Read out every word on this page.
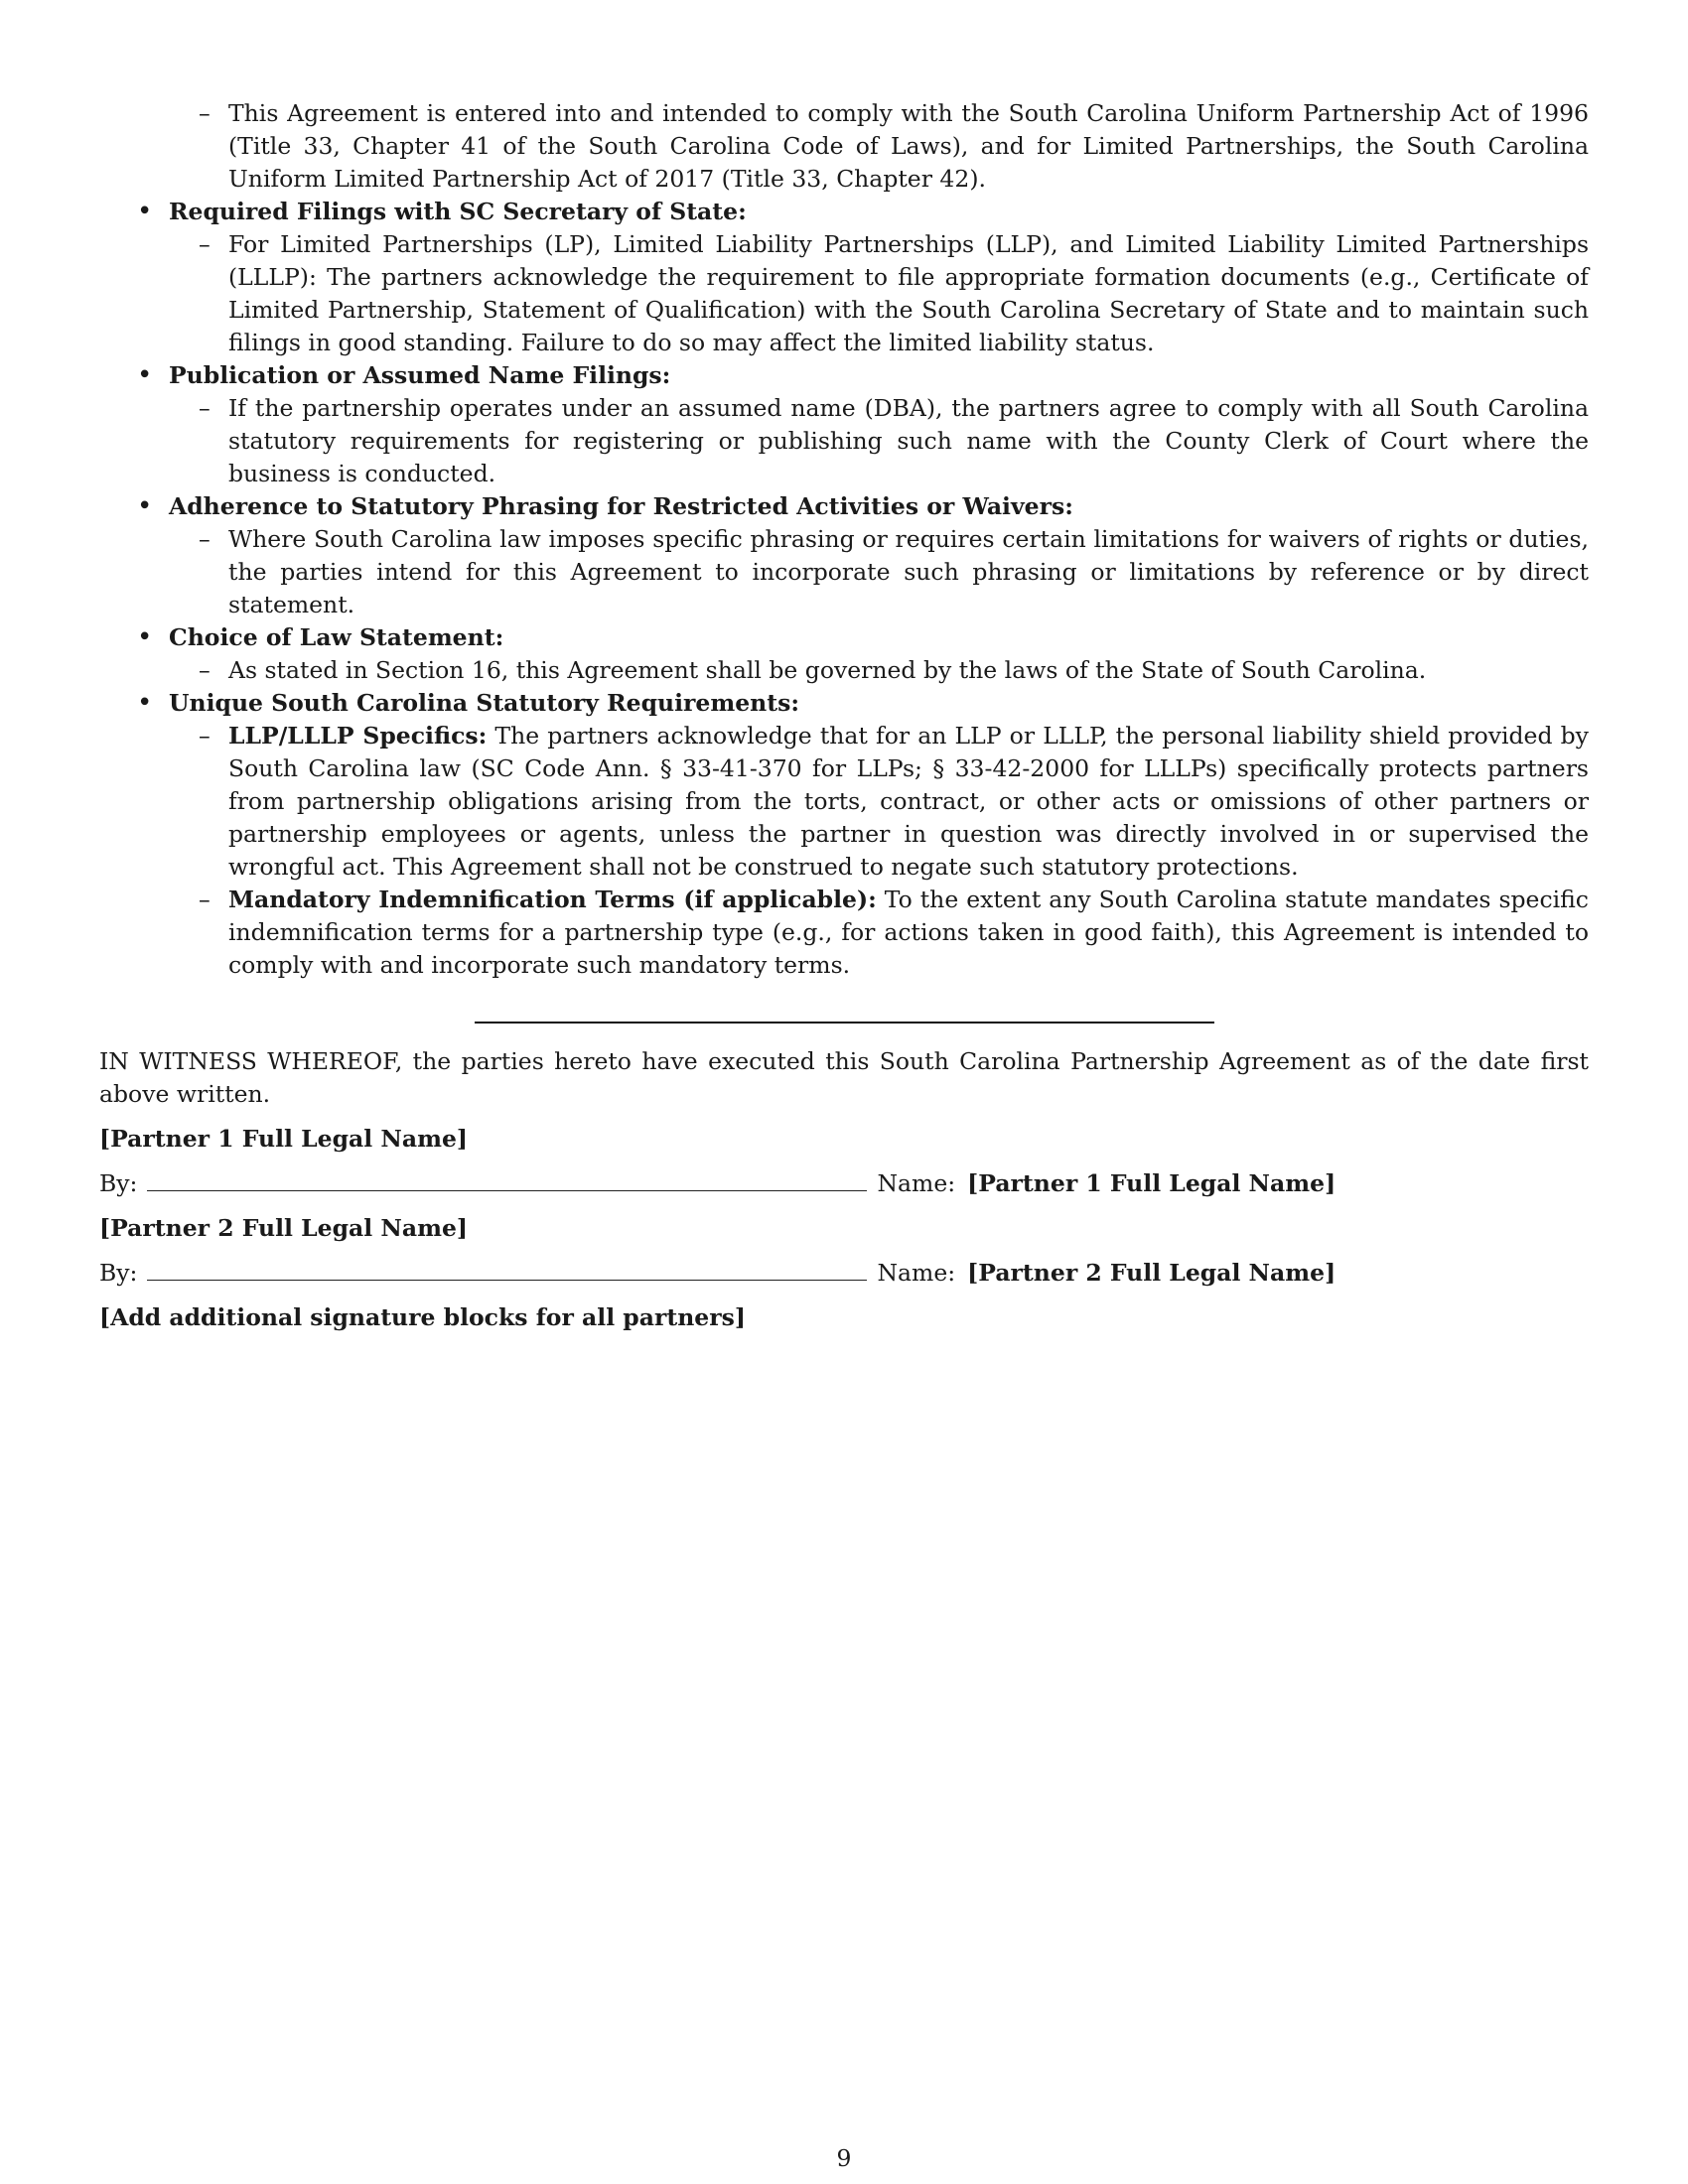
– This Agreement is entered into and intended to comply with the South Carolina Uniform Partnership Act of 1996 (Title 33, Chapter 41 of the South Carolina Code of Laws), and for Limited Partnerships, the South Carolina Uniform Limited Partnership Act of 2017 (Title 33, Chapter 42).
• Required Filings with SC Secretary of State:
– For Limited Partnerships (LP), Limited Liability Partnerships (LLP), and Limited Liability Limited Partnerships (LLLP): The partners acknowledge the requirement to file appropriate formation documents (e.g., Certificate of Limited Partnership, Statement of Qualification) with the South Carolina Secretary of State and to maintain such filings in good standing. Failure to do so may affect the limited liability status.
• Publication or Assumed Name Filings:
– If the partnership operates under an assumed name (DBA), the partners agree to comply with all South Carolina statutory requirements for registering or publishing such name with the County Clerk of Court where the business is conducted.
• Adherence to Statutory Phrasing for Restricted Activities or Waivers:
– Where South Carolina law imposes specific phrasing or requires certain limitations for waivers of rights or duties, the parties intend for this Agreement to incorporate such phrasing or limitations by reference or by direct statement.
• Choice of Law Statement:
– As stated in Section 16, this Agreement shall be governed by the laws of the State of South Carolina.
• Unique South Carolina Statutory Requirements:
– LLP/LLLP Specifics: The partners acknowledge that for an LLP or LLLP, the personal liability shield provided by South Carolina law (SC Code Ann. § 33-41-370 for LLPs; § 33-42-2000 for LLLPs) specifically protects partners from partnership obligations arising from the torts, contract, or other acts or omissions of other partners or partnership employees or agents, unless the partner in question was directly involved in or supervised the wrongful act. This Agreement shall not be construed to negate such statutory protections.
– Mandatory Indemnification Terms (if applicable): To the extent any South Carolina statute mandates specific indemnification terms for a partnership type (e.g., for actions taken in good faith), this Agreement is intended to comply with and incorporate such mandatory terms.

IN WITNESS WHEREOF, the parties hereto have executed this South Carolina Partnership Agreement as of the date first above written.

[Partner 1 Full Legal Name]
By:	Name: [Partner 1 Full Legal Name]
[Partner 2 Full Legal Name]
By:	Name: [Partner 2 Full Legal Name]
[Add additional signature blocks for all partners]
9
